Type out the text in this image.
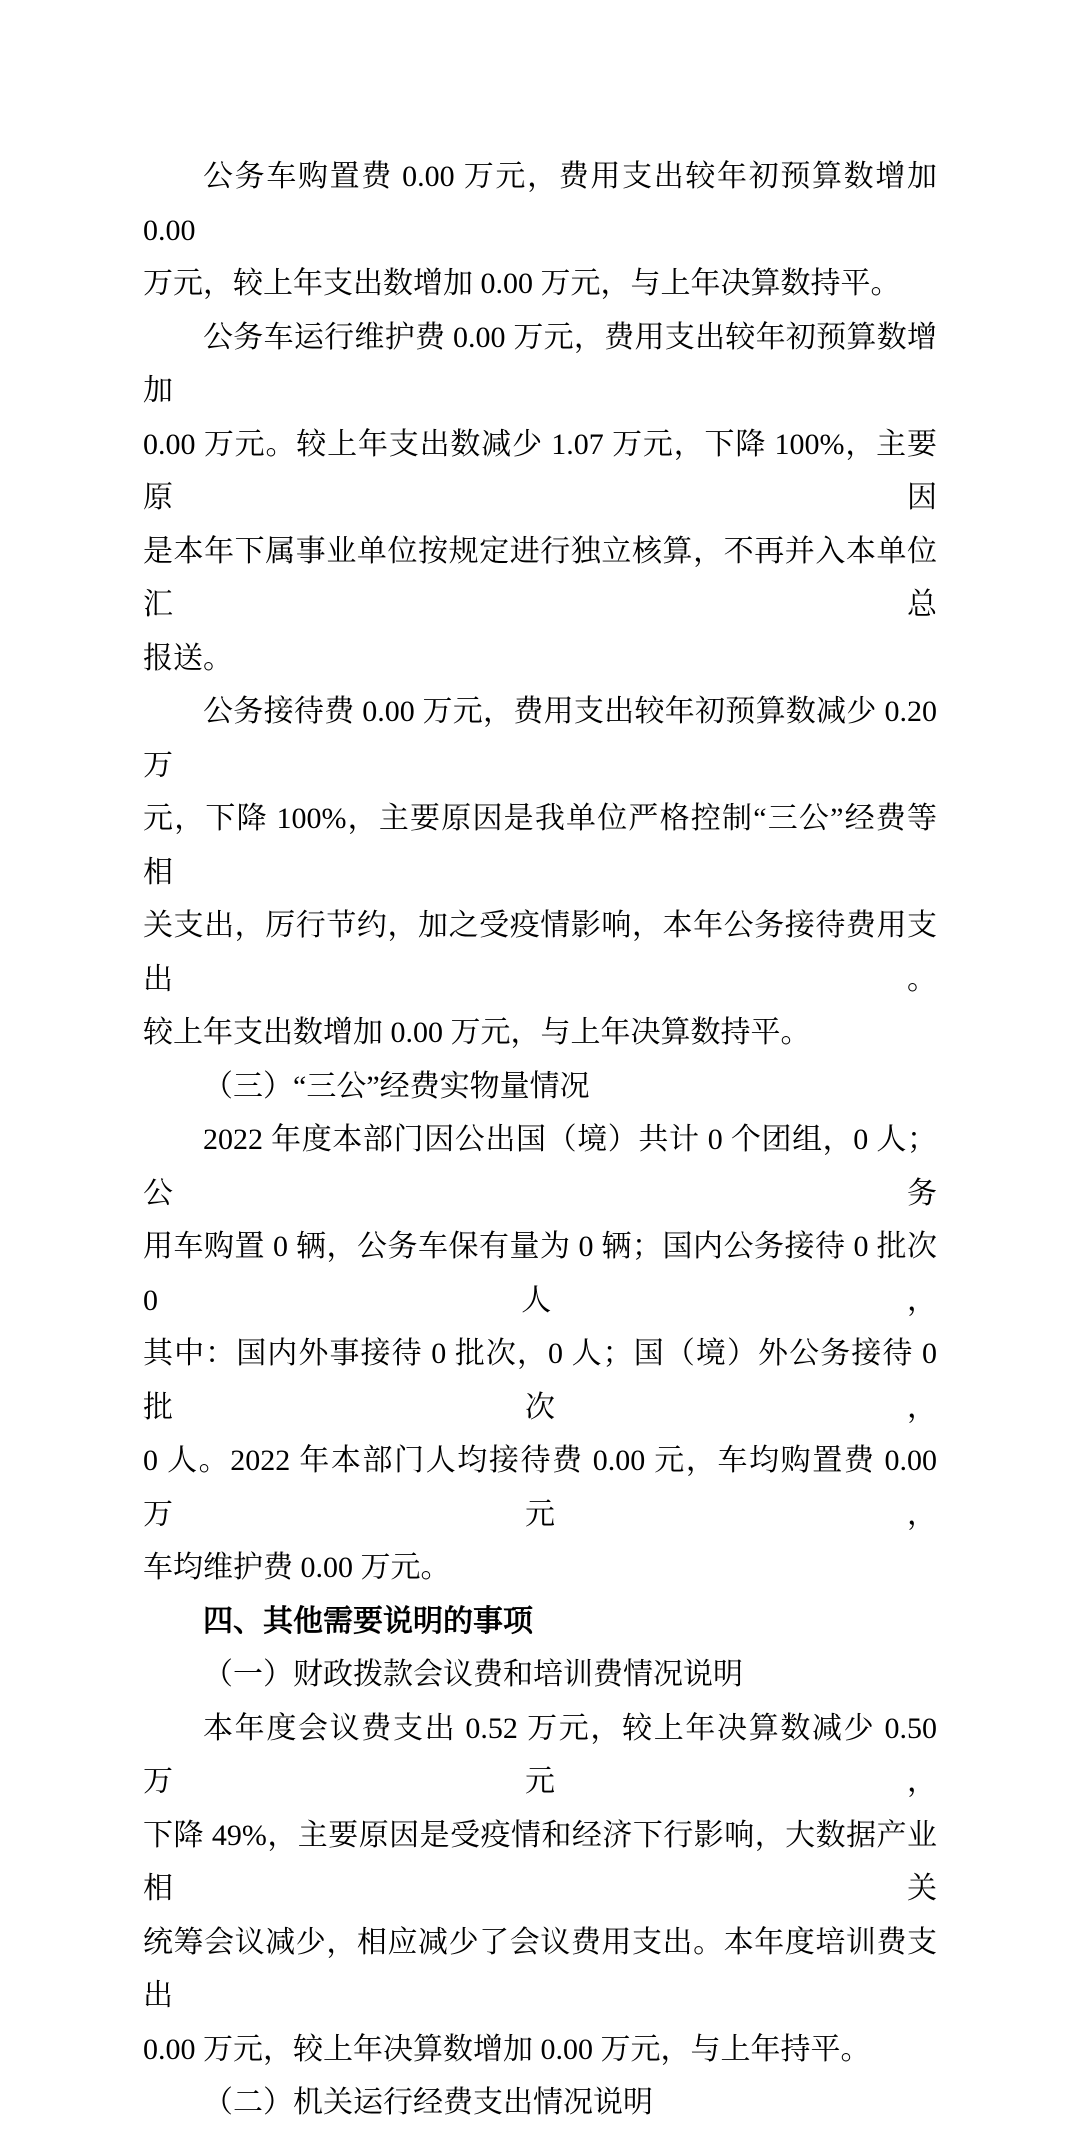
公务车购置费 0.00 万元，费用支出较年初预算数增加 0.00
万元，较上年支出数增加 0.00 万元，与上年决算数持平。
公务车运行维护费 0.00 万元，费用支出较年初预算数增加
0.00 万元。较上年支出数减少 1.07 万元，下降 100%，主要原因
是本年下属事业单位按规定进行独立核算，不再并入本单位汇总
报送。
公务接待费 0.00 万元，费用支出较年初预算数减少 0.20 万
元，下降 100%，主要原因是我单位严格控制“三公”经费等相
关支出，厉行节约，加之受疫情影响，本年公务接待费用支出。
较上年支出数增加 0.00 万元，与上年决算数持平。
（三）“三公”经费实物量情况
2022 年度本部门因公出国（境）共计 0 个团组，0 人；公务
用车购置 0 辆，公务车保有量为 0 辆；国内公务接待 0 批次 0 人，
其中：国内外事接待 0 批次，0 人；国（境）外公务接待 0 批次，
0 人。2022 年本部门人均接待费 0.00 元，车均购置费 0.00 万元，
车均维护费 0.00 万元。
四、其他需要说明的事项
（一）财政拨款会议费和培训费情况说明
本年度会议费支出 0.52 万元，较上年决算数减少 0.50 万元，
下降 49%，主要原因是受疫情和经济下行影响，大数据产业相关
统筹会议减少，相应减少了会议费用支出。本年度培训费支出
0.00 万元，较上年决算数增加 0.00 万元，与上年持平。
（二）机关运行经费支出情况说明
